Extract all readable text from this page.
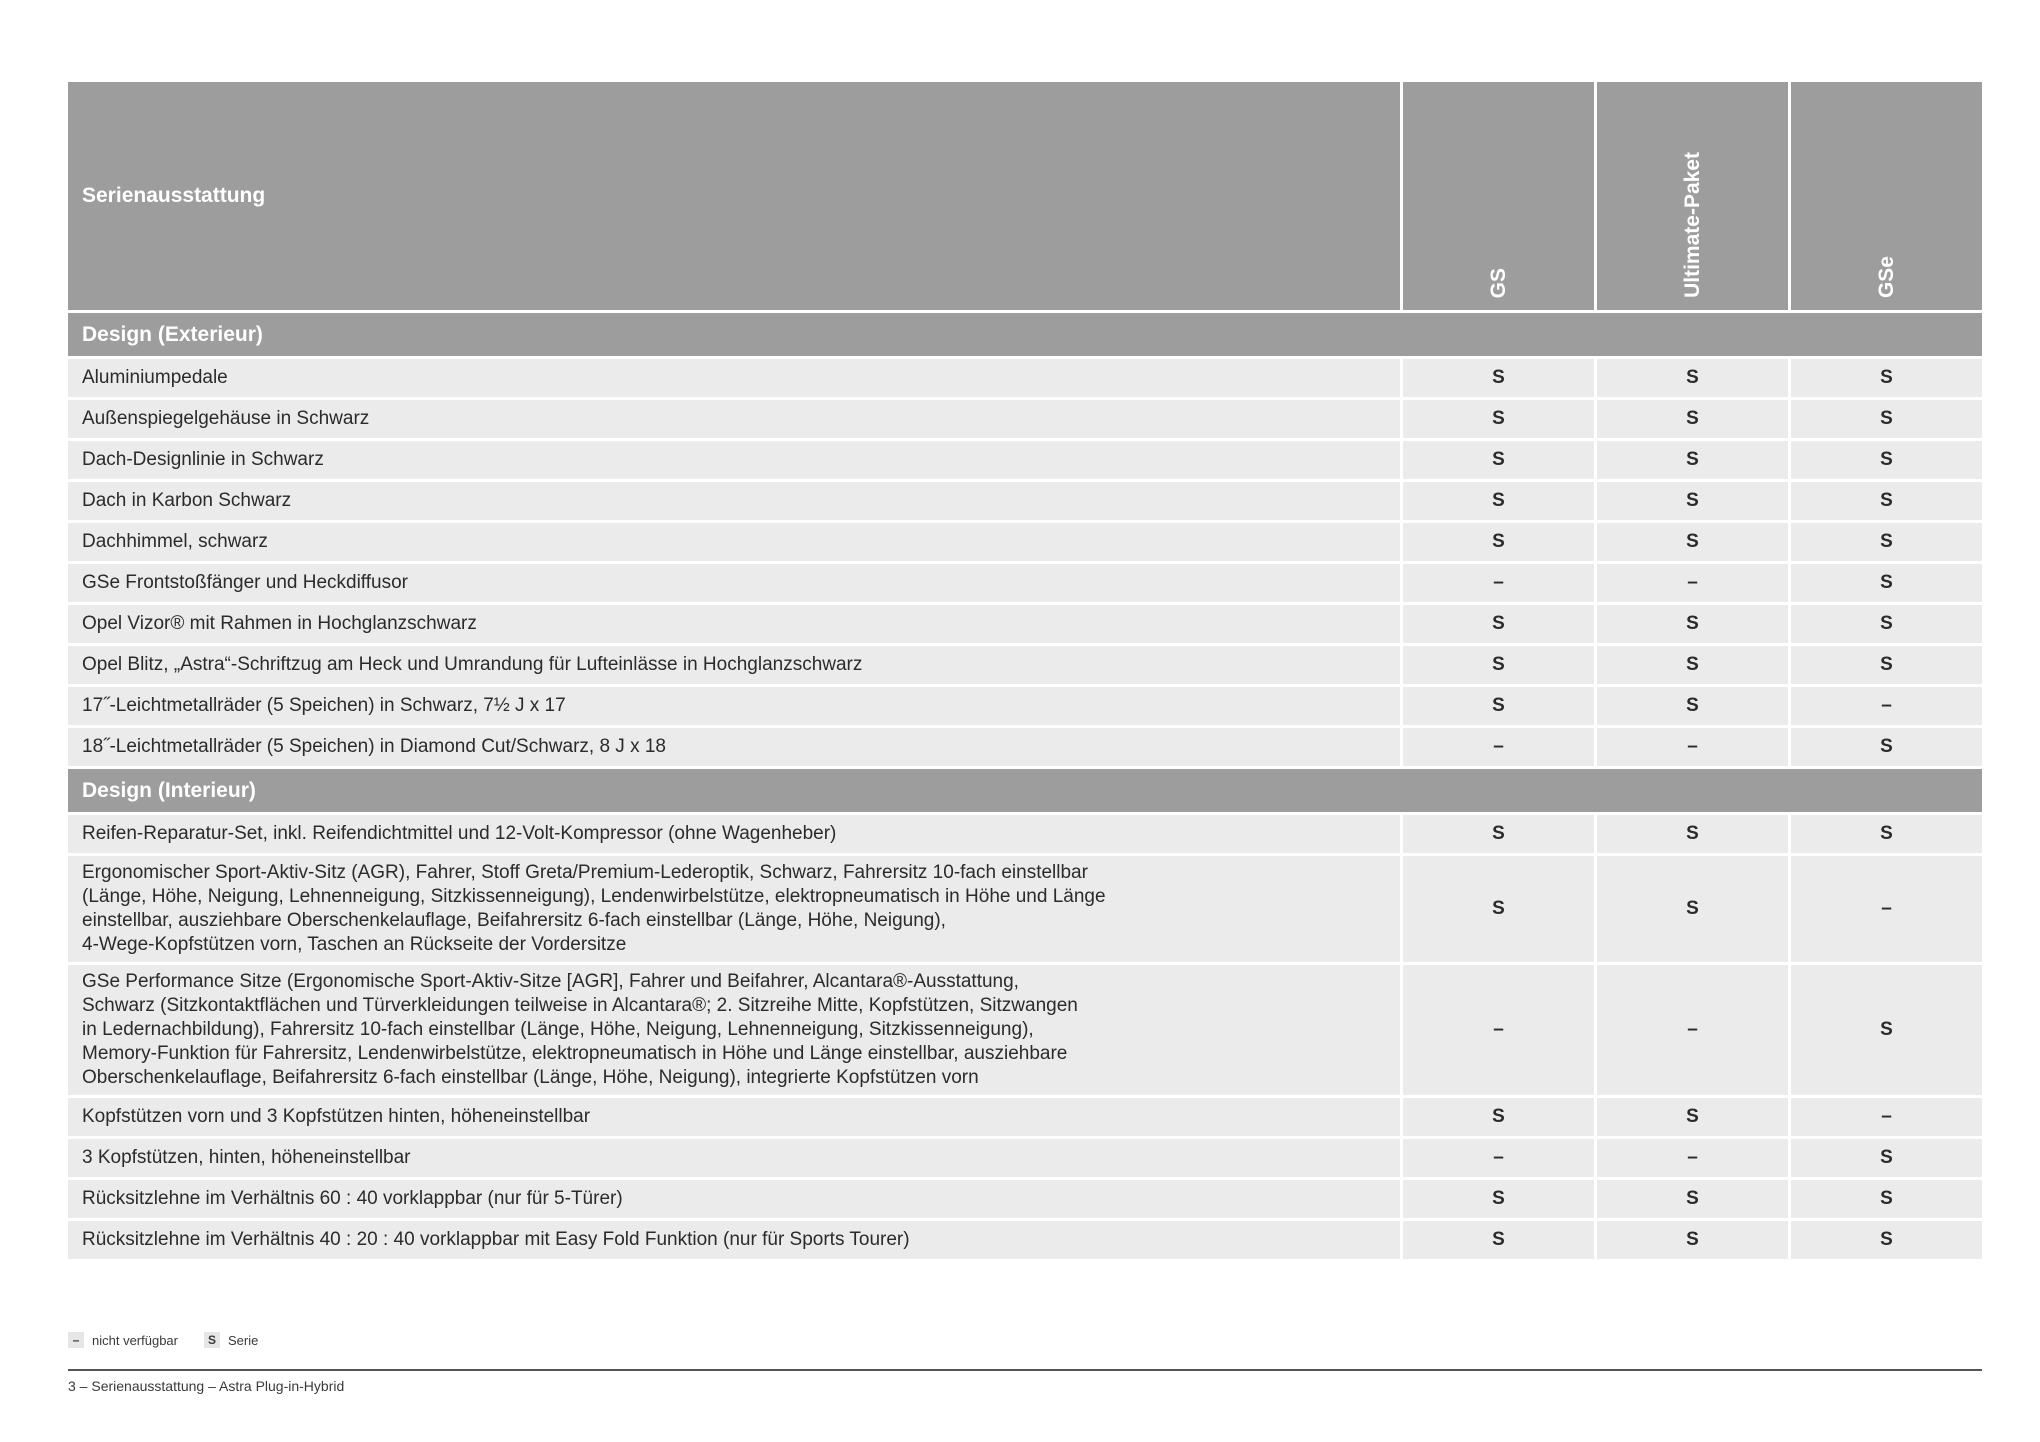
Serienausstattung	GS	Ultimate-Paket	GSe

Design (Exterieur)			
Aluminiumpedale	S	S	S
Außenspiegelgehäuse in Schwarz	S	S	S
Dach-Designlinie in Schwarz	S	S	S
Dach in Karbon Schwarz	S	S	S
Dachhimmel, schwarz	S	S	S
GSe Frontstoßfänger und Heckdiffusor	–	–	S
Opel Vizor® mit Rahmen in Hochglanzschwarz	S	S	S
Opel Blitz, „Astra“-Schriftzug am Heck und Umrandung für Lufteinlässe in Hochglanzschwarz	S	S	S
17˝-Leichtmetallräder (5 Speichen) in Schwarz, 7½ J x 17	S	S	–
18˝-Leichtmetallräder (5 Speichen) in Diamond Cut/Schwarz, 8 J x 18	–	–	S
Design (Interieur)			
Reifen-Reparatur-Set, inkl. Reifendichtmittel und 12-Volt-Kompressor (ohne Wagenheber)	S	S	S
Ergonomischer Sport-Aktiv-Sitz (AGR), Fahrer, Stoff Greta/Premium-Lederoptik, Schwarz, Fahrersitz 10-fach einstellbar
(Länge, Höhe, Neigung, Lehnenneigung, Sitzkissenneigung), Lendenwirbelstütze, elektropneumatisch in Höhe und Länge
einstellbar, ausziehbare Oberschenkelauflage, Beifahrersitz 6-fach einstellbar (Länge, Höhe, Neigung),
4-Wege-Kopfstützen vorn, Taschen an Rückseite der Vordersitze	S	S	–
GSe Performance Sitze (Ergonomische Sport-Aktiv-Sitze [AGR], Fahrer und Beifahrer, Alcantara®-Ausstattung,
Schwarz (Sitzkontaktflächen und Türverkleidungen teilweise in Alcantara®; 2. Sitzreihe Mitte, Kopfstützen, Sitzwangen
in Ledernachbildung), Fahrersitz 10-fach einstellbar (Länge, Höhe, Neigung, Lehnenneigung, Sitzkissenneigung),
Memory-Funktion für Fahrersitz, Lendenwirbelstütze, elektropneumatisch in Höhe und Länge einstellbar, ausziehbare
Oberschenkelauflage, Beifahrersitz 6-fach einstellbar (Länge, Höhe, Neigung), integrierte Kopfstützen vorn	–	–	S
Kopfstützen vorn und 3 Kopfstützen hinten, höheneinstellbar	S	S	–
3 Kopfstützen, hinten, höheneinstellbar	–	–	S
Rücksitzlehne im Verhältnis 60 : 40 vorklappbar (nur für 5-Türer)	S	S	S
Rücksitzlehne im Verhältnis 40 : 20 : 40 vorklappbar mit Easy Fold Funktion (nur für Sports Tourer)	S	S	S
– nicht verfügbar	S Serie
3 – Serienausstattung – Astra Plug-in-Hybrid
